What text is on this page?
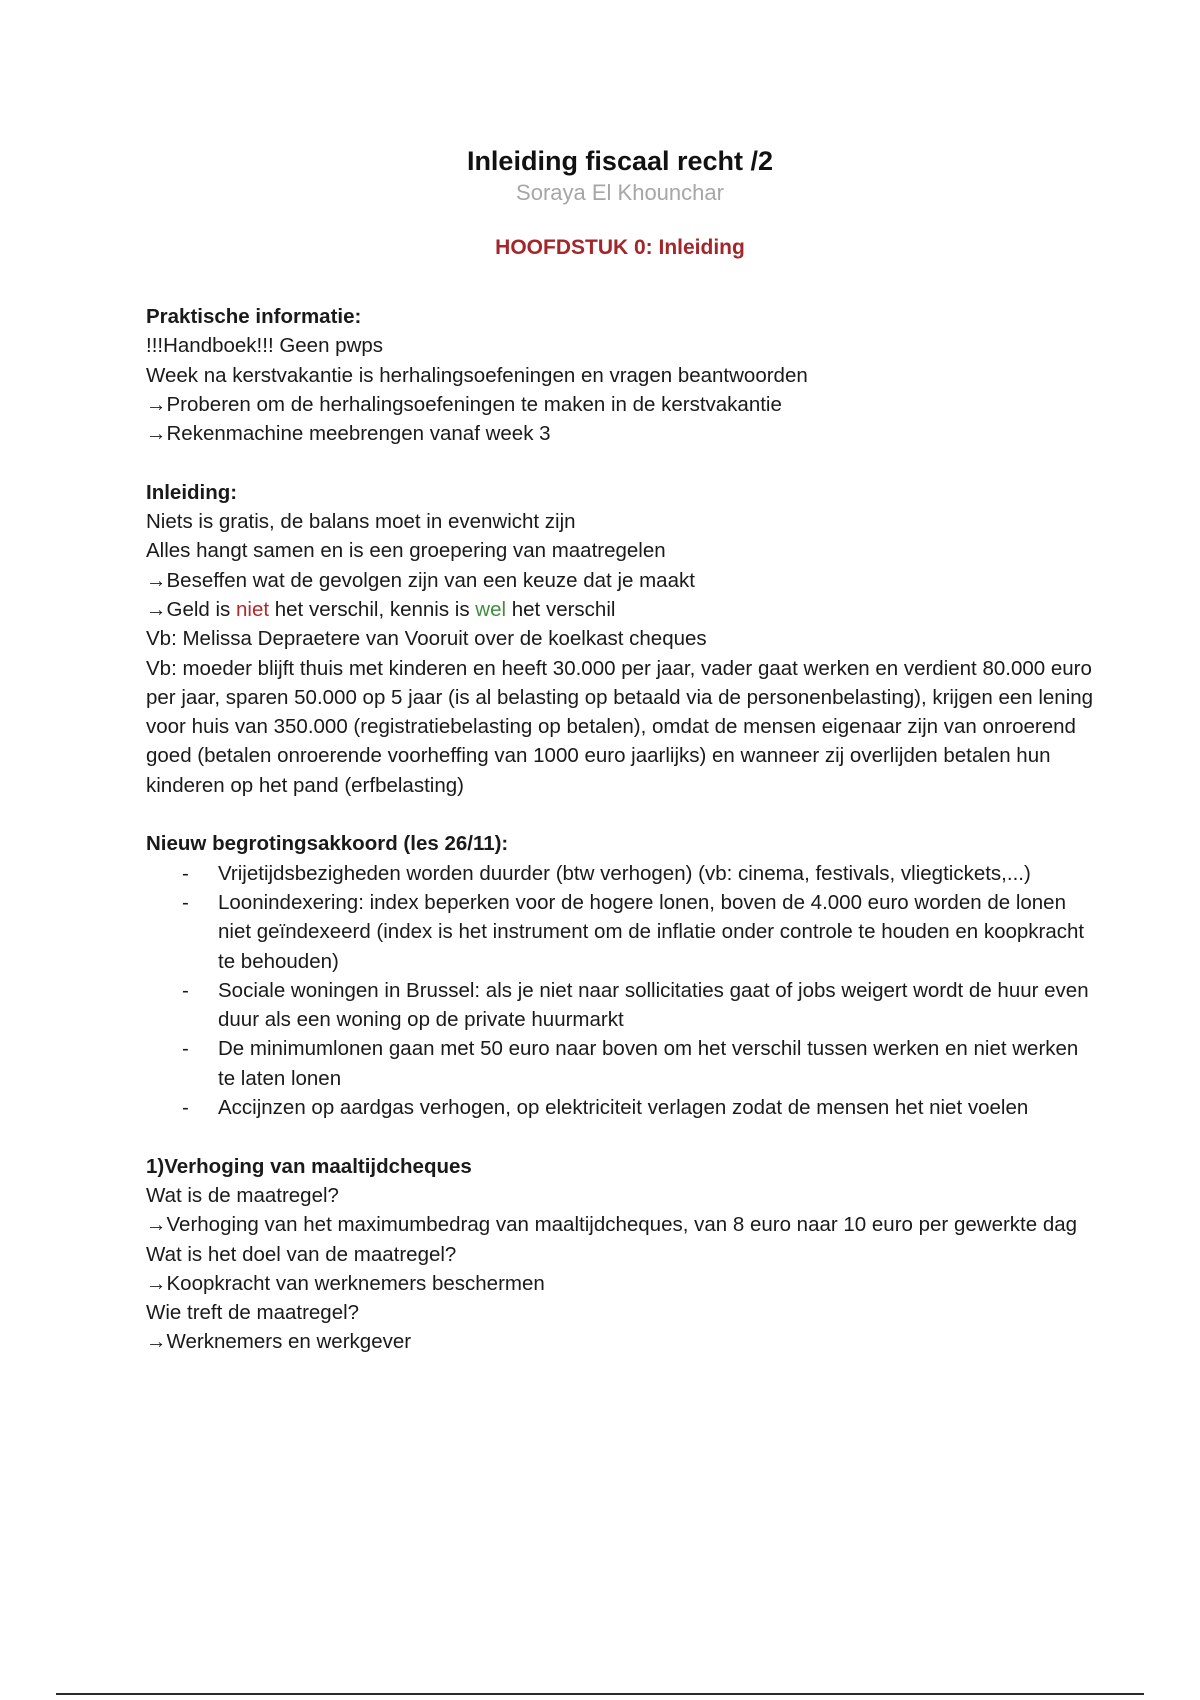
Inleiding fiscaal recht /2

Soraya El Khounchar

HOOFDSTUK 0: Inleiding

Praktische informatie:

!!!Handboek!!! Geen pwps

Week na kerstvakantie is herhalingsoefeningen en vragen beantwoorden

→Proberen om de herhalingsoefeningen te maken in de kerstvakantie

→Rekenmachine meebrengen vanaf week 3

Inleiding:

Niets is gratis, de balans moet in evenwicht zijn

Alles hangt samen en is een groepering van maatregelen

→Beseffen wat de gevolgen zijn van een keuze dat je maakt

→Geld is niet het verschil, kennis is wel het verschil

Vb: Melissa Depraetere van Vooruit over de koelkast cheques

Vb: moeder blijft thuis met kinderen en heeft 30.000 per jaar, vader gaat werken en verdient 80.000 euro per jaar, sparen 50.000 op 5 jaar (is al belasting op betaald via de personenbelasting), krijgen een lening voor huis van 350.000 (registratiebelasting op betalen), omdat de mensen eigenaar zijn van onroerend goed (betalen onroerende voorheffing van 1000 euro jaarlijks) en wanneer zij overlijden betalen hun kinderen op het pand (erfbelasting)

Nieuw begrotingsakkoord (les 26/11):

- Vrijetijdsbezigheden worden duurder (btw verhogen) (vb: cinema, festivals, vliegtickets,...)
- Loonindexering: index beperken voor de hogere lonen, boven de 4.000 euro worden de lonen niet geïndexeerd (index is het instrument om de inflatie onder controle te houden en koopkracht te behouden)
- Sociale woningen in Brussel: als je niet naar sollicitaties gaat of jobs weigert wordt de huur even duur als een woning op de private huurmarkt
- De minimumlonen gaan met 50 euro naar boven om het verschil tussen werken en niet werken te laten lonen
- Accijnzen op aardgas verhogen, op elektriciteit verlagen zodat de mensen het niet voelen

1)Verhoging van maaltijdcheques

Wat is de maatregel?

→Verhoging van het maximumbedrag van maaltijdcheques, van 8 euro naar 10 euro per gewerkte dag

Wat is het doel van de maatregel?

→Koopkracht van werknemers beschermen

Wie treft de maatregel?

→Werknemers en werkgever
